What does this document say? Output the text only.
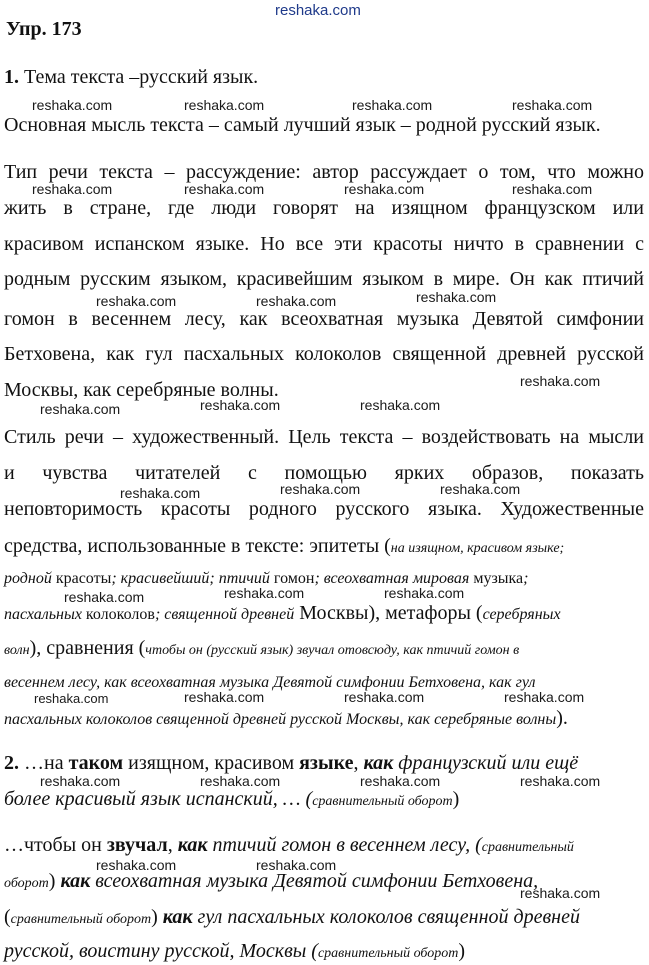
reshaka.com
Упр. 173
1. Тема текста –русский язык.
Основная мысль текста – самый лучший язык – родной русский язык.
Тип речи текста – рассуждение: автор рассуждает о том, что можно
жить в стране, где люди говорят на изящном французском или
красивом испанском языке. Но все эти красоты ничто в сравнении с
родным русским языком, красивейшим языком в мире. Он как птичий
гомон в весеннем лесу, как всеохватная музыка Девятой симфонии
Бетховена, как гул пасхальных колоколов священной древней русской
Москвы, как серебряные волны.
Стиль речи – художественный. Цель текста – воздействовать на мысли
и чувства читателей с помощью ярких образов, показать
неповторимость красоты родного русского языка. Художественные
средства, использованные в тексте: эпитеты (на изящном, красивом языке;
родной красоты; красивейший; птичий гомон; всеохватная мировая музыка;
пасхальных колоколов; священной древней Москвы), метафоры (серебряных
волн), сравнения (чтобы он (русский язык) звучал отовсюду, как птичий гомон в
весеннем лесу, как всеохватная музыка Девятой симфонии Бетховена, как гул
пасхальных колоколов священной древней русской Москвы, как серебряные волны).
2. …на таком изящном, красивом языке, как французский или ещё
более красивый язык испанский, … (сравнительный оборот)
…чтобы он звучал, как птичий гомон в весеннем лесу, (сравнительный
оборот) как всеохватная музыка Девятой симфонии Бетховена,
(сравнительный оборот) как гул пасхальных колоколов священной древней
русской, воистину русской, Москвы (сравнительный оборот)
reshaka.com	reshaka.com	reshaka.com	reshaka.com
reshaka.com	reshaka.com	reshaka.com	reshaka.com
reshaka.com	reshaka.com	reshaka.com
reshaka.com
reshaka.com	reshaka.com	reshaka.com
reshaka.com	reshaka.com	reshaka.com
reshaka.com	reshaka.com	reshaka.com
reshaka.com	reshaka.com	reshaka.com	reshaka.com
reshaka.com	reshaka.com	reshaka.com	reshaka.com
reshaka.com	reshaka.com
reshaka.com
